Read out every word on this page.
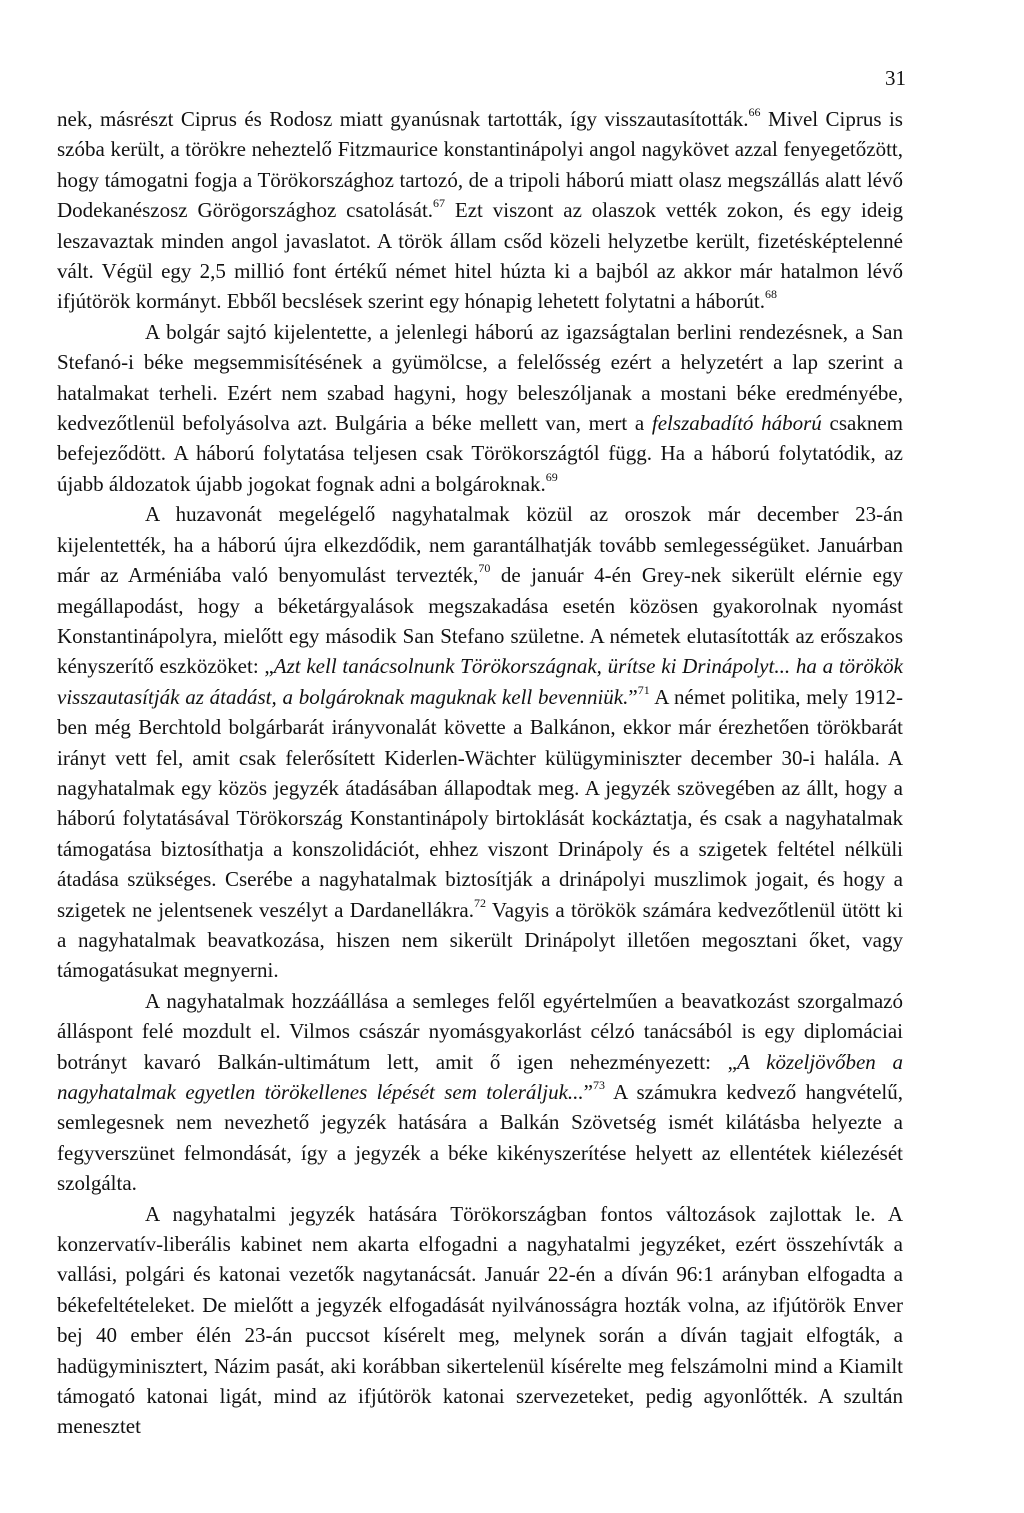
31

nek, másrészt Ciprus és Rodosz miatt gyanúsnak tartották, így visszautasították.$^{66}$ Mivel Ciprus is szóba került, a törökre neheztelő Fitzmaurice konstantinápolyi angol nagykövet azzal fenyegetőzött, hogy támogatni fogja a Törökországhoz tartozó, de a tripoli háború miatt olasz megszállás alatt lévő Dodekanészosz Görögországhoz csatolását.$^{67}$ Ezt viszont az olaszok vették zokon, és egy ideig leszavaztak minden angol javaslatot. A török állam csőd közeli helyzetbe került, fizetésképtelenné vált. Végül egy 2,5 millió font értékű német hitel húzta ki a bajból az akkor már hatalmon lévő ifjútörök kormányt. Ebből becslések szerint egy hónapig lehetett folytatni a háborút.$^{68}$

A bolgár sajtó kijelentette, a jelenlegi háború az igazságtalan berlini rendezésnek, a San Stefanó-i béke megsemmisítésének a gyümölcse, a felelősség ezért a helyzetért a lap szerint a hatalmakat terheli. Ezért nem szabad hagyni, hogy beleszóljanak a mostani béke eredményébe, kedvezőtlenül befolyásolva azt. Bulgária a béke mellett van, mert a felszabadító háború csaknem befejeződött. A háború folytatása teljesen csak Törökországtól függ. Ha a háború folytatódik, az újabb áldozatok újabb jogokat fognak adni a bolgároknak.$^{69}$

A huzavonát megelégelő nagyhatalmak közül az oroszok már december 23-án kijelentették, ha a háború újra elkezdődik, nem garantálhatják tovább semlegességüket. Januárban már az Arméniába való benyomulást tervezték,$^{70}$ de január 4-én Grey-nek sikerült elérnie egy megállapodást, hogy a béketárgyalások megszakadása esetén közösen gyakorolnak nyomást Konstantinápolyra, mielőtt egy második San Stefano születne. A németek elutasították az erőszakos kényszerítő eszközöket: „Azt kell tanácsolnunk Törökországnak, ürítse ki Drinápolyt... ha a törökök visszautasítják az átadást, a bolgároknak maguknak kell bevenniük.”$^{71}$ A német politika, mely 1912-ben még Berchtold bolgárbarát irányvonalát követte a Balkánon, ekkor már érezhetően törökbarát irányt vett fel, amit csak felerősített Kiderlen-Wächter külügyminiszter december 30-i halála. A nagyhatalmak egy közös jegyzék átadásában állapodtak meg. A jegyzék szövegében az állt, hogy a háború folytatásával Törökország Konstantinápoly birtoklását kockáztatja, és csak a nagyhatalmak támogatása biztosíthatja a konszolidációt, ehhez viszont Drinápoly és a szigetek feltétel nélküli átadása szükséges. Cserébe a nagyhatalmak biztosítják a drinápolyi muszlimok jogait, és hogy a szigetek ne jelentsenek veszélyt a Dardanellákra.$^{72}$ Vagyis a törökök számára kedvezőtlenül ütött ki a nagyhatalmak beavatkozása, hiszen nem sikerült Drinápolyt illetően megosztani őket, vagy támogatásukat megnyerni.

A nagyhatalmak hozzáállása a semleges felől egyértelműen a beavatkozást szorgalmazó álláspont felé mozdult el. Vilmos császár nyomásgyakorlást célzó tanácsából is egy diplomáciai botrányt kavaró Balkán-ultimátum lett, amit ő igen nehezményezett: „A közeljövőben a nagyhatalmak egyetlen törökellenes lépését sem toleráljuk...”$^{73}$ A számukra kedvező hangvételű, semlegesnek nem nevezhető jegyzék hatására a Balkán Szövetség ismét kilátásba helyezte a fegyverszünet felmondását, így a jegyzék a béke kikényszerítése helyett az ellentétek kiélezését szolgálta.

A nagyhatalmi jegyzék hatására Törökországban fontos változások zajlottak le. A konzervatív-liberális kabinet nem akarta elfogadni a nagyhatalmi jegyzéket, ezért összehívták a vallási, polgári és katonai vezetők nagytanácsát. Január 22-én a díván 96:1 arányban elfogadta a békefeltételeket. De mielőtt a jegyzék elfogadását nyilvánosságra hozták volna, az ifjútörök Enver bej 40 ember élén 23-án puccsot kísérelt meg, melynek során a díván tagjait elfogták, a hadügyminisztert, Názim pasát, aki korábban sikertelenül kísérelte meg felszámolni mind a Kiamilt támogató katonai ligát, mind az ifjútörök katonai szervezeteket, pedig agyonlőtték. A szultán menesztet
